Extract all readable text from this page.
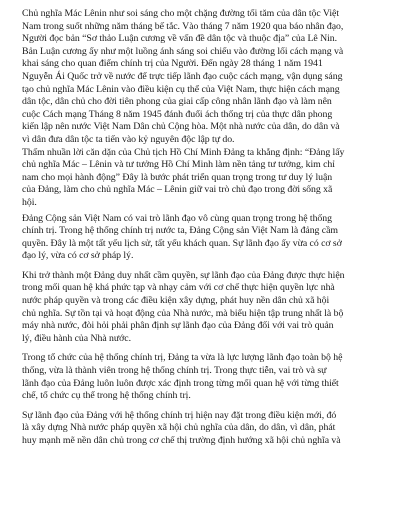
Chủ nghĩa Mác Lênin như soi sáng cho một chặng đường tối tăm của dân tộc Việt
Nam trong suốt những năm tháng bế tắc. Vào tháng 7 năm 1920 qua báo nhân đạo,
Người đọc bản “Sơ thảo Luận cương về vấn đề dân tộc và thuộc địa” của Lê Nin.
Bản Luận cương ấy như một luồng ánh sáng soi chiếu vào đường lối cách mạng và
khai sáng cho quan điểm chính trị của Người. Đến ngày 28 tháng 1 năm 1941
Nguyễn Ái Quốc trở về nước để trực tiếp lãnh đạo cuộc cách mạng, vận dụng sáng
tạo chủ nghĩa Mác Lênin vào điều kiện cụ thể của Việt Nam, thực hiện cách mạng
dân tộc, dân chủ cho đời tiên phong của giai cấp công nhân lãnh đạo và làm nên
cuộc Cách mạng Tháng 8 năm 1945 đánh đuổi ách thống trị của thực dân phong
kiến lập nên nước Việt Nam Dân chủ Cộng hòa. Một nhà nước của dân, do dân và
vì dân đưa dân tộc ta tiến vào kỷ nguyên độc lập tự do.
Thấm nhuần lời căn dặn của Chủ tịch Hồ Chí Minh Đảng ta khẳng định: “Đảng lấy
chủ nghĩa Mác – Lênin và tư tưởng Hồ Chí Minh làm nền tảng tư tưởng, kim chỉ
nam cho mọi hành động” Đây là bước phát triển quan trọng trong tư duy lý luận
của Đảng, làm cho chủ nghĩa Mác – Lênin giữ vai trò chủ đạo trong đời sống xã
hội.
Đảng Cộng sản Việt Nam có vai trò lãnh đạo vô cùng quan trọng trong hệ thống
chính trị. Trong hệ thống chính trị nước ta, Đảng Cộng sản Việt Nam là đảng cầm
quyền. Đây là một tất yếu lịch sử, tất yếu khách quan. Sự lãnh đạo ấy vừa có cơ sở
đạo lý, vừa có cơ sở pháp lý.
Khi trở thành một Đảng duy nhất cầm quyền, sự lãnh đạo của Đảng được thực hiện
trong mối quan hệ khá phức tạp và nhạy cảm với cơ chế thực hiện quyền lực nhà
nước pháp quyền và trong các điều kiện xây dựng, phát huy nền dân chủ xã hội
chủ nghĩa. Sự tồn tại và hoạt động của Nhà nước, mà biểu hiện tập trung nhất là bộ
máy nhà nước, đòi hỏi phải phân định sự lãnh đạo của Đảng đối với vai trò quản
lý, điều hành của Nhà nước.
Trong tổ chức của hệ thống chính trị, Đảng ta vừa là lực lượng lãnh đạo toàn bộ hệ
thống, vừa là thành viên trong hệ thống chính trị. Trong thực tiễn, vai trò và sự
lãnh đạo của Đảng luôn luôn được xác định trong từng mối quan hệ với từng thiết
chế, tổ chức cụ thể trong hệ thống chính trị.
Sự lãnh đạo của Đảng với hệ thống chính trị hiện nay đặt trong điều kiện mới, đó
là xây dựng Nhà nước pháp quyền xã hội chủ nghĩa của dân, do dân, vì dân, phát
huy mạnh mẽ nền dân chủ trong cơ chế thị trường định hướng xã hội chủ nghĩa và
